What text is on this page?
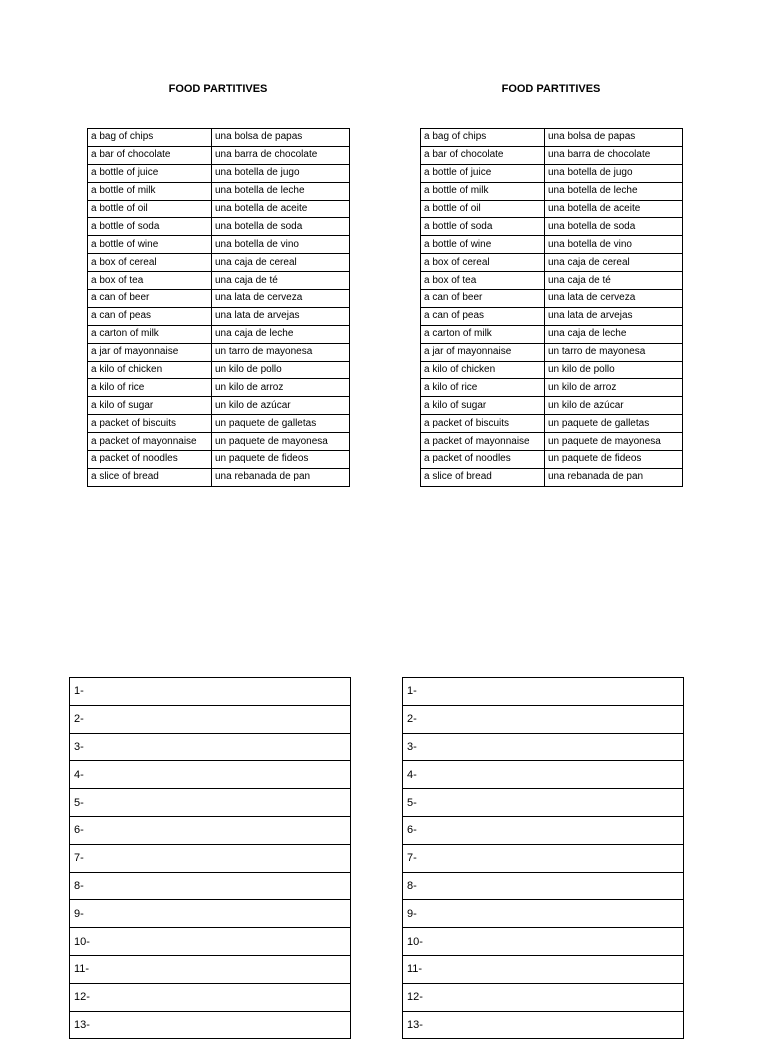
FOOD PARTITIVES	FOOD PARTITIVES
a bag of chips	una bolsa de papas
a bar of chocolate	una barra de chocolate
a bottle of juice	una botella de jugo
a bottle of milk	una botella de leche
a bottle of oil	una botella de aceite
a bottle of soda	una botella de soda
a bottle of wine	una botella de vino
a box of cereal	una caja de cereal
a box of tea	una caja de té
a can of beer	una lata de cerveza
a can of peas	una lata de arvejas
a carton of milk	una caja de leche
a jar of mayonnaise	un tarro de mayonesa
a kilo of chicken	un kilo de pollo
a kilo of rice	un kilo de arroz
a kilo of sugar	un kilo de azúcar
a packet of biscuits	un paquete de galletas
a packet of mayonnaise	un paquete de mayonesa
a packet of noodles	un paquete de fideos
a slice of bread	una rebanada de pan
a bag of chips	una bolsa de papas
a bar of chocolate	una barra de chocolate
a bottle of juice	una botella de jugo
a bottle of milk	una botella de leche
a bottle of oil	una botella de aceite
a bottle of soda	una botella de soda
a bottle of wine	una botella de vino
a box of cereal	una caja de cereal
a box of tea	una caja de té
a can of beer	una lata de cerveza
a can of peas	una lata de arvejas
a carton of milk	una caja de leche
a jar of mayonnaise	un tarro de mayonesa
a kilo of chicken	un kilo de pollo
a kilo of rice	un kilo de arroz
a kilo of sugar	un kilo de azúcar
a packet of biscuits	un paquete de galletas
a packet of mayonnaise	un paquete de mayonesa
a packet of noodles	un paquete de fideos
a slice of bread	una rebanada de pan
1-
2-
3-
4-
5-
6-
7-
8-
9-
10-
11-
12-
13-
1-
2-
3-
4-
5-
6-
7-
8-
9-
10-
11-
12-
13-
